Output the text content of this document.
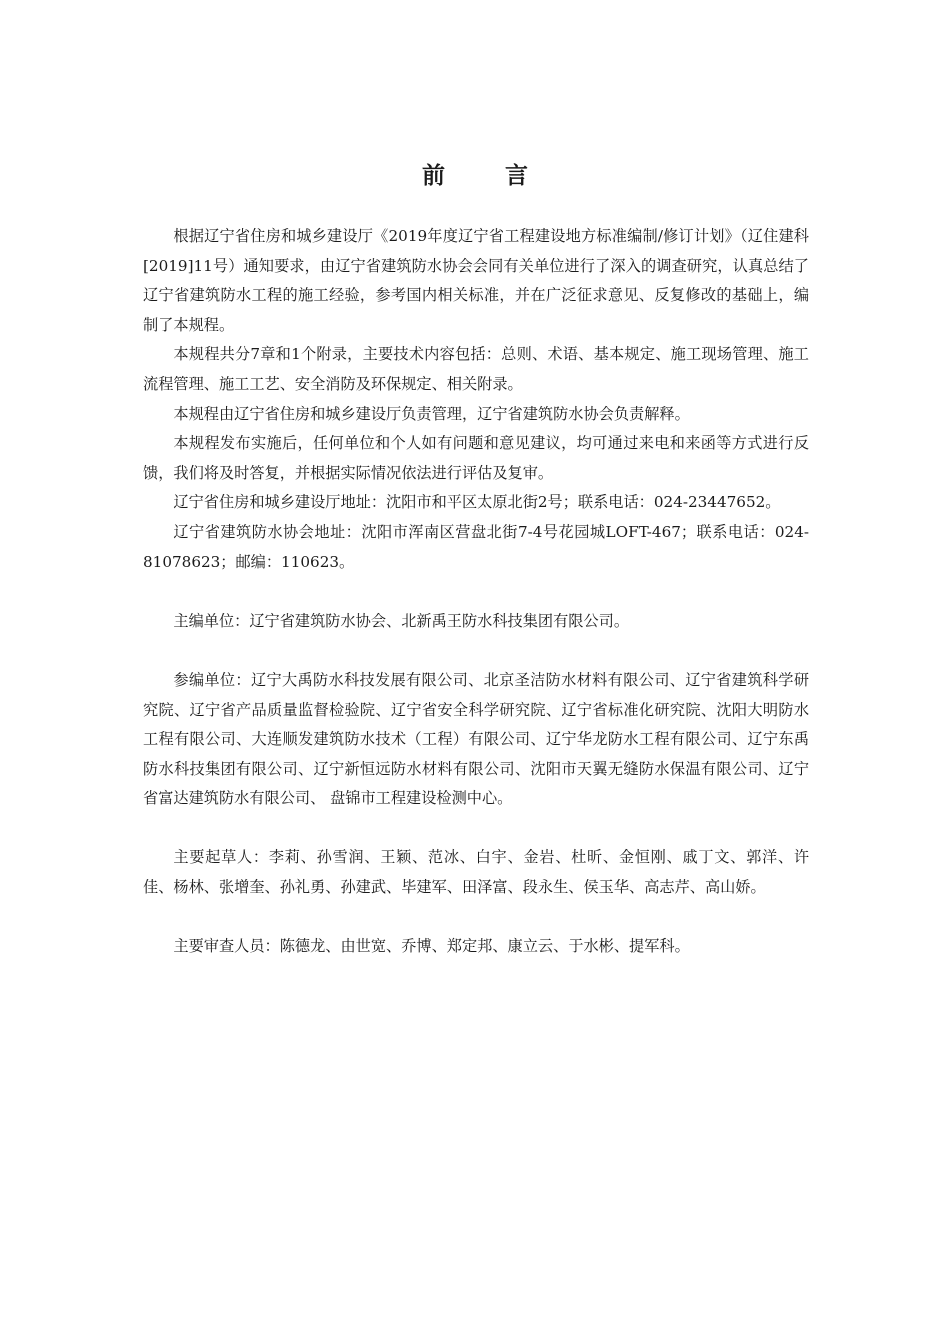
前 言

根据辽宁省住房和城乡建设厅《2019年度辽宁省工程建设地方标准编制/修订计划》（辽住建科[2019]11号）通知要求，由辽宁省建筑防水协会会同有关单位进行了深入的调查研究，认真总结了辽宁省建筑防水工程的施工经验，参考国内相关标准，并在广泛征求意见、反复修改的基础上，编制了本规程。

本规程共分7章和1个附录，主要技术内容包括：总则、术语、基本规定、施工现场管理、施工流程管理、施工工艺、安全消防及环保规定、相关附录。

本规程由辽宁省住房和城乡建设厅负责管理，辽宁省建筑防水协会负责解释。

本规程发布实施后，任何单位和个人如有问题和意见建议，均可通过来电和来函等方式进行反馈，我们将及时答复，并根据实际情况依法进行评估及复审。

辽宁省住房和城乡建设厅地址：沈阳市和平区太原北街2号；联系电话：024-23447652。

辽宁省建筑防水协会地址：沈阳市浑南区营盘北街7-4号花园城LOFT-467；联系电话：024-81078623；邮编：110623。

主编单位：辽宁省建筑防水协会、北新禹王防水科技集团有限公司。

参编单位：辽宁大禹防水科技发展有限公司、北京圣洁防水材料有限公司、辽宁省建筑科学研究院、辽宁省产品质量监督检验院、辽宁省安全科学研究院、辽宁省标准化研究院、沈阳大明防水工程有限公司、大连顺发建筑防水技术（工程）有限公司、辽宁华龙防水工程有限公司、辽宁东禹防水科技集团有限公司、辽宁新恒远防水材料有限公司、沈阳市天翼无缝防水保温有限公司、辽宁省富达建筑防水有限公司、 盘锦市工程建设检测中心。

主要起草人：李莉、孙雪润、王颖、范冰、白宇、金岩、杜昕、金恒刚、戚丁文、郭洋、许佳、杨林、张增奎、孙礼勇、孙建武、毕建军、田泽富、段永生、侯玉华、高志芹、高山娇。

主要审查人员：陈德龙、由世宽、乔博、郑定邦、康立云、于水彬、提军科。
